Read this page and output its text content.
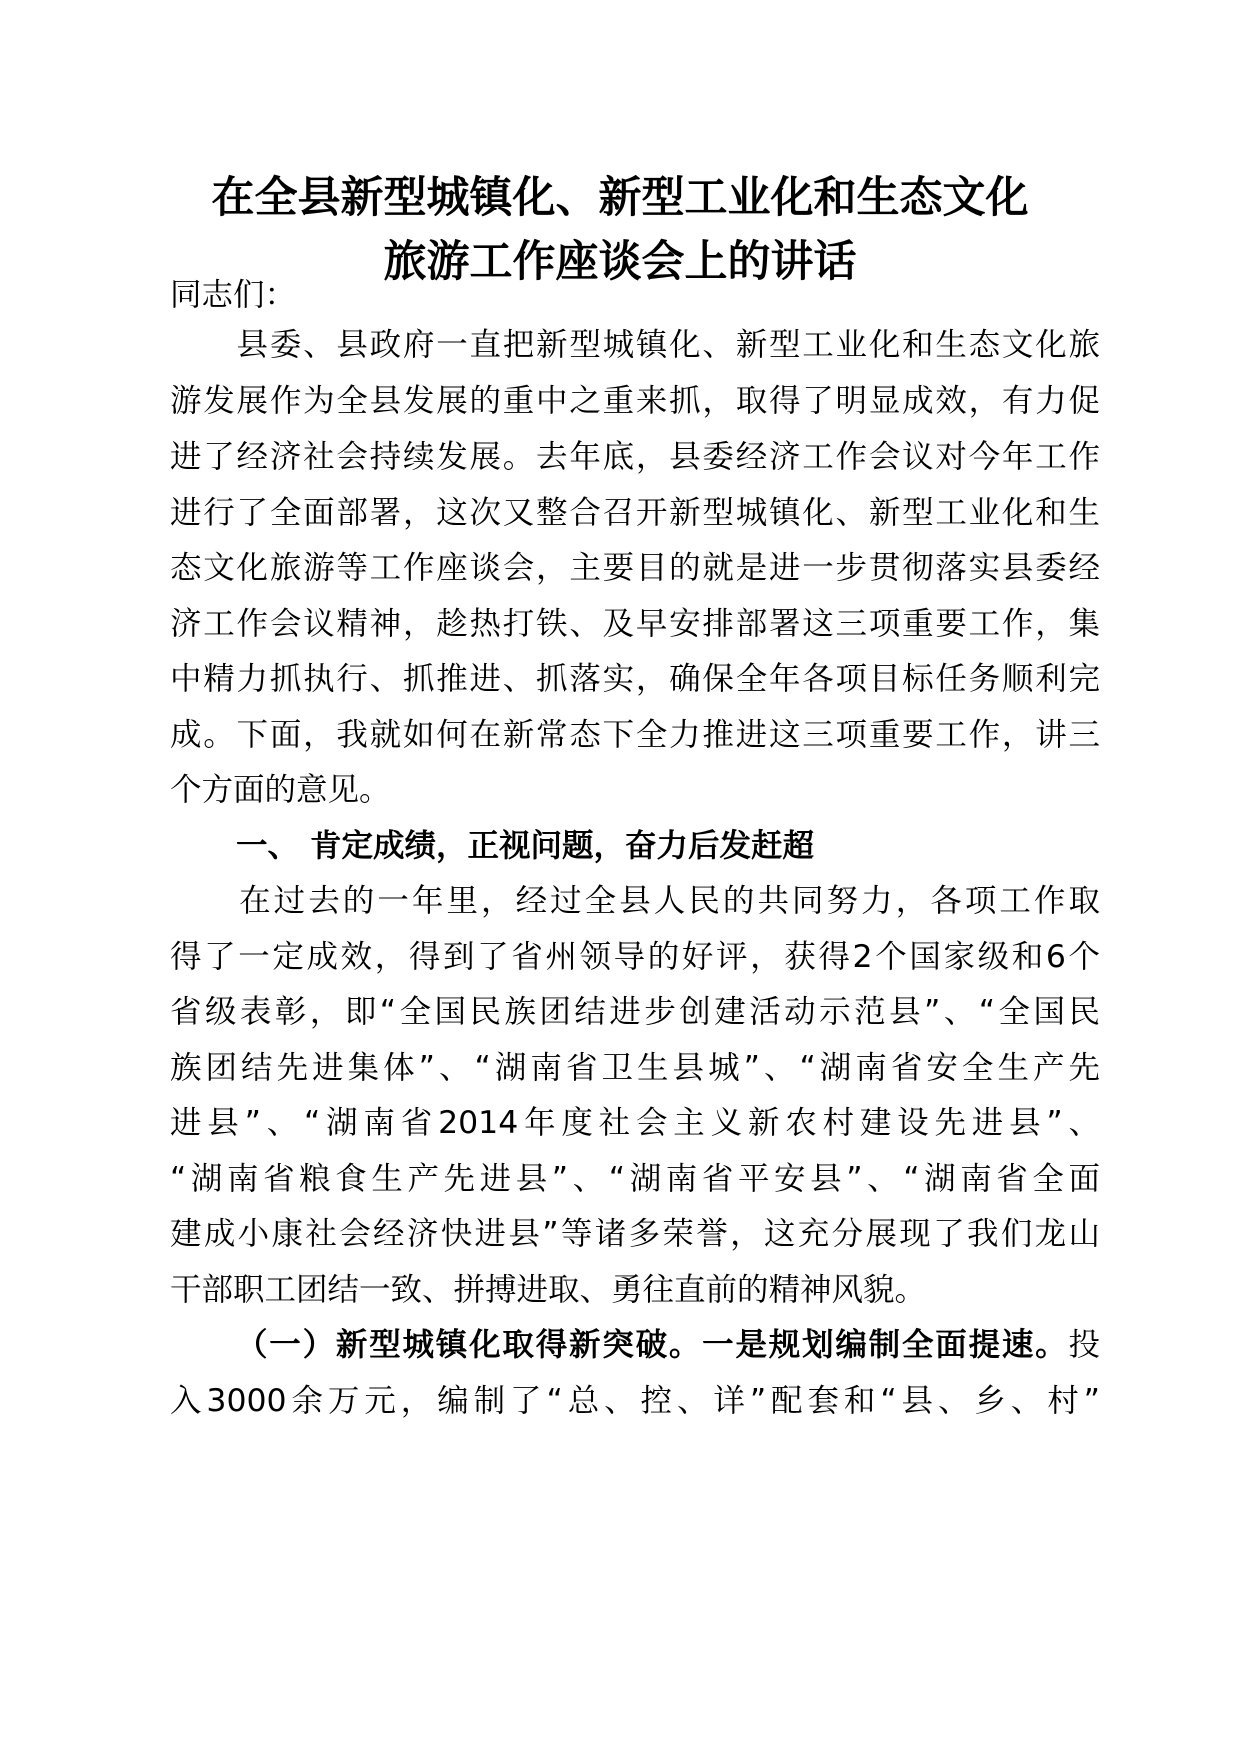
在全县新型城镇化、新型工业化和生态文化
旅游工作座谈会上的讲话

同志们：

　　县委、县政府一直把新型城镇化、新型工业化和生态文化旅

游发展作为全县发展的重中之重来抓，取得了明显成效，有力促

进了经济社会持续发展。去年底，县委经济工作会议对今年工作

进行了全面部署，这次又整合召开新型城镇化、新型工业化和生

态文化旅游等工作座谈会，主要目的就是进一步贯彻落实县委经

济工作会议精神，趁热打铁、及早安排部署这三项重要工作，集

中精力抓执行、抓推进、抓落实，确保全年各项目标任务顺利完

成。下面，我就如何在新常态下全力推进这三项重要工作，讲三

个方面的意见。

一、 肯定成绩，正视问题，奋力后发赶超

　　在过去的一年里，经过全县人民的共同努力，各项工作取

得了一定成效，得到了省州领导的好评，获得2个国家级和6个

省级表彰，即“全国民族团结进步创建活动示范县”、“全国民

族团结先进集体”、“湖南省卫生县城”、“湖南省安全生产先

进县”、“湖南省2014年度社会主义新农村建设先进县”、

“湖南省粮食生产先进县”、“湖南省平安县”、“湖南省全面

建成小康社会经济快进县”等诸多荣誉，这充分展现了我们龙山

干部职工团结一致、拼搏进取、勇往直前的精神风貌。

（一）新型城镇化取得新突破。一是规划编制全面提速。投

入3000余万元，编制了“总、控、详”配套和“县、乡、村”
